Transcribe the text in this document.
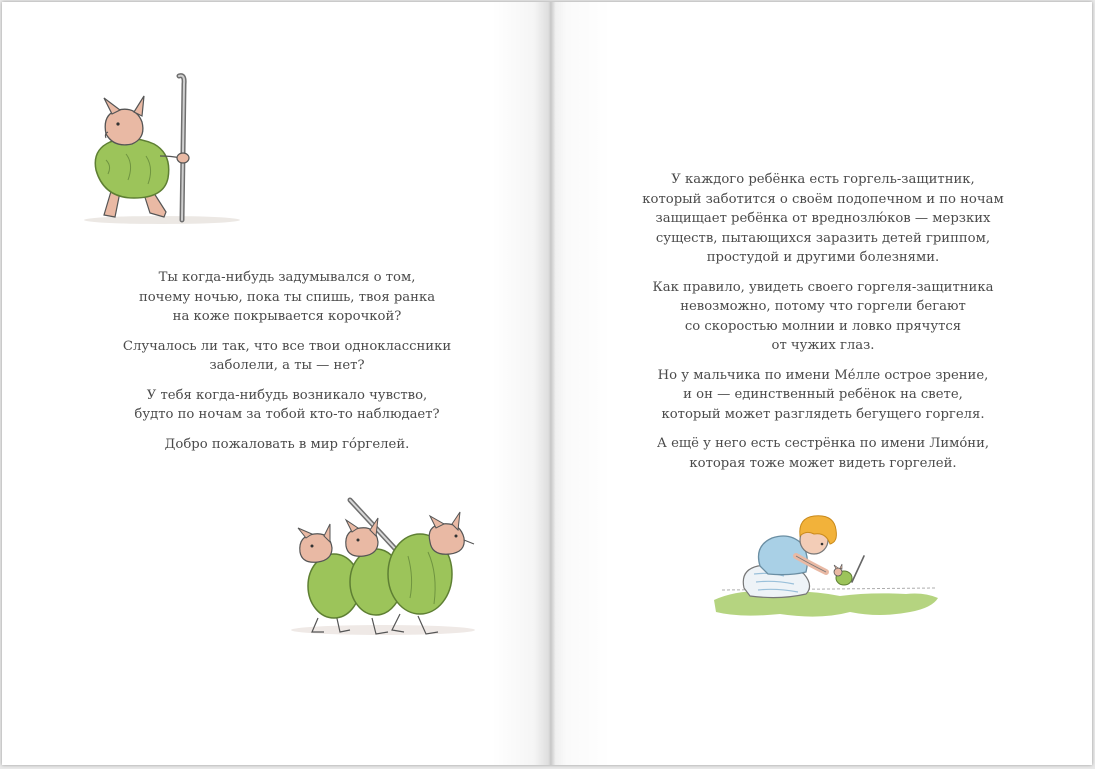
Ты когда-нибудь задумывался о том,
почему ночью, пока ты спишь, твоя ранка
на коже покрывается корочкой?

Случалось ли так, что все твои одноклассники
заболели, а ты — нет?

У тебя когда-нибудь возникало чувство,
будто по ночам за тобой кто-то наблюдает?

Добро пожаловать в мир гóргелей.

У каждого ребёнка есть горгель-защитник,
который заботится о своём подопечном и по ночам
защищает ребёнка от вреднозлю́ков — мерзких
существ, пытающихся заразить детей гриппом,
простудой и другими болезнями.

Как правило, увидеть своего горгеля-защитника
невозможно, потому что горгели бегают
со скоростью молнии и ловко прячутся
от чужих глаз.

Но у мальчика по имени Ме́лле острое зрение,
и он — единственный ребёнок на свете,
который может разглядеть бегущего горгеля.

А ещё у него есть сестрёнка по имени Лимо́ни,
которая тоже может видеть горгелей.
